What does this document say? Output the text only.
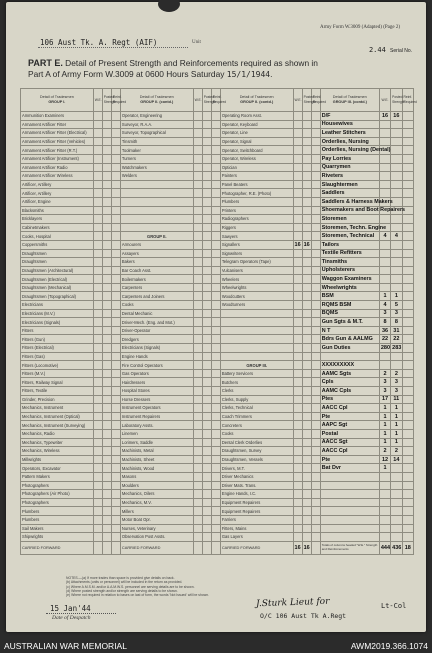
106 Aust Tk. A. Regt (AIF)	Unit
Army Form W.3009 (Adapted) (Page 2)
2.44 Serial No.
PART E. Detail of Present Strength and Reinforcements required as shown in
Part A of Army Form W.3009 at 0600 Hours Saturday 15/1/1944.
Detail of Tradesmen
GROUP I.	W.E.	Posted Strength	Reinf. Required	Detail of Tradesmen
GROUP II. (contd.)	W.E.	Posted Strength	Reinf. Required	Detail of Tradesmen
GROUP II. (contd.)	W.E.	Posted Strength	Reinf. Required	Detail of Tradesmen
GROUP III. (contd.)	W.E.	Posted Strength	Reinf. Required
Ammunition Examiners				Operator, Engineering				Operating Room Asst.				D/F	16	16	
Armament Artificer Fitter				Surveyor, R.A.A.				Operator, Keyboard				Housewives			
Armament Artificer Fitter (Electrical)				Surveyor, Topographical				Operator, Line				Leather Stitchers			
Armament Artificer Fitter (Vehicles)				Tinsmith				Operator, Signal				Orderlies, Nursing			
Armament Artificer Fitter (R.T.)				Toolmaker				Operator, Switchboard				Orderlies, Nursing (Dental)			
Armament Artificer (Instrument)				Turners				Operator, Wireless				Pay Lorries			
Armament Artificer Radio				Watchmakers				Optician				Quarrymen			
Armament Artificer Wireless				Welders				Painters				Riveters			
Artificer, Artillery								Panel Beaters				Slaughtermen			
Artificer, Artillery								Photographer, R.E. (Photo)				Saddlers			
Artificer, Engine								Plumbers				Saddlers & Harness Makers			
Blacksmiths								Printers				Shoemakers and Boot Repairers			
Bricklayers								Radiographers				Storemen			
Cabinetmakers								Riggers				Storemen, Techn. Engine			
Cooks, Hospital				GROUP II.				Sawyers				Storemen, Technical	4	4	
Coppersmiths				Armourers				Signallers	16	16		Tailors			
Draughtsmen				Assayers				Signwriters				Textile Refitters			
Draughtsmen				Bakers				Telegram Operators (Tape)				Tinsmiths			
Draughtsmen (Architectural)				Bar Coach Asst.				Vulcanisers				Upholsterers			
Draughtsmen (Electrical)				Boilermakers				Wheelers				Waggon Examiners			
Draughtsmen (Mechanical)				Carpenters				Wheelwrights				Wheelwrights			
Draughtsmen (Topographical)				Carpenters and Joiners				Woodcutters				BSM	1	1	
Electricians				Cooks				Woodturners				RQMS BSM	4	5	
Electricians (M.V.)				Dental Mechanic								BQMS	3	3	
Electricians (Signals)				Driver-Mech. (Eng. and Mot.)								Gun Sgts & M.T.	8	8	
Fitters				Driver-Operator								N T	36	31	
Fitters (Gun)				Dredgers								Bdrs Gun & AALMG	22	22	
Fitters (Electrical)				Electricians (Signals)								Gun Duties	280	283	
Fitters (Gas)				Engine Hands											
Fitters (Locomotive)				Fire Control Operators				GROUP III.				XXXXXXXXX			
Fitters (M.V.)				Gas Operators				Battery Servicers				AAMC Sgts	2	2	
Fitters, Railway Signal				Hairdressers				Butchers				Cpls	3	3	
Fitters, Textile				Hospital Stores				Clerks				AAMC Cpls	3	3	
Grinder, Precision				Horse Dressers				Clerks, Supply				Ptes	17	11	
Mechanics, Instrument				Instrument Operators				Clerks, Technical				AACC Cpl	1	1	
Mechanics, Instrument (Optical)				Instrument Repairers				Coach Trimmers				Pte	1	1	
Mechanics, Instrument (Surveying)				Laboratory Assts.				Concreters				AAPC Sgt	1	1	
Mechanics, Radio				Linemen				Cooks				Postal	1	1	
Mechanics, Typewriter				Lorimers, Saddle				Dental Clerk Orderlies				AACC Sgt	1	1	
Mechanics, Wireless				Machinists, Metal				Draughtsmen, Survey				AACC Cpl	2	2	
Millwrights				Machinists, Sheet				Draughtsmen, Vessels				Pte	12	14	
Operators, Excavator				Machinists, Wood				Drivers, M.T.				Bat Dvr	1		
Pattern Makers				Masons				Driver Mechanics							
Photographers				Moulders				Driver Mats. Trans.							
Photographers (Air Photo)				Mechanics, Oilers				Engine Hands, I.C.							
Photographers				Mechanics, M.V.				Equipment Repairers							
Plumbers				Millers				Equipment Repairers							
Plumbers				Motor Boat Opr.				Farriers							
Sail Makers				Nurses, Veterinary				Fitters, Mains							
Shipwrights				Observation Post Assts.				Gas Layers							
CARRIED FORWARD				CARRIED FORWARD				CARRIED FORWARD	16	16		Totals of columns headed "W.E." Strength and Reinforcements	444	436	18
NOTES.—(a) If more trades than space is provided give details on back.
(b) Attachments (units or personnel) will be included in the return as provided.
(c) Where A.M.S.M. and/or A.A.M.W.S. personnel are serving details are to be shown.
(d) Where posted strength and/or strength are serving details to be shown.
(e) Where not required in relation to bases on last of form, the words 'Not Issued' will be shown.
15 Jan'44
Date of Despatch
J.Sturk Lieut for	Lt-Col
O/C 106 Aust Tk A.Regt
AUSTRALIAN WAR MEMORIAL	AWM2019.366.1074
